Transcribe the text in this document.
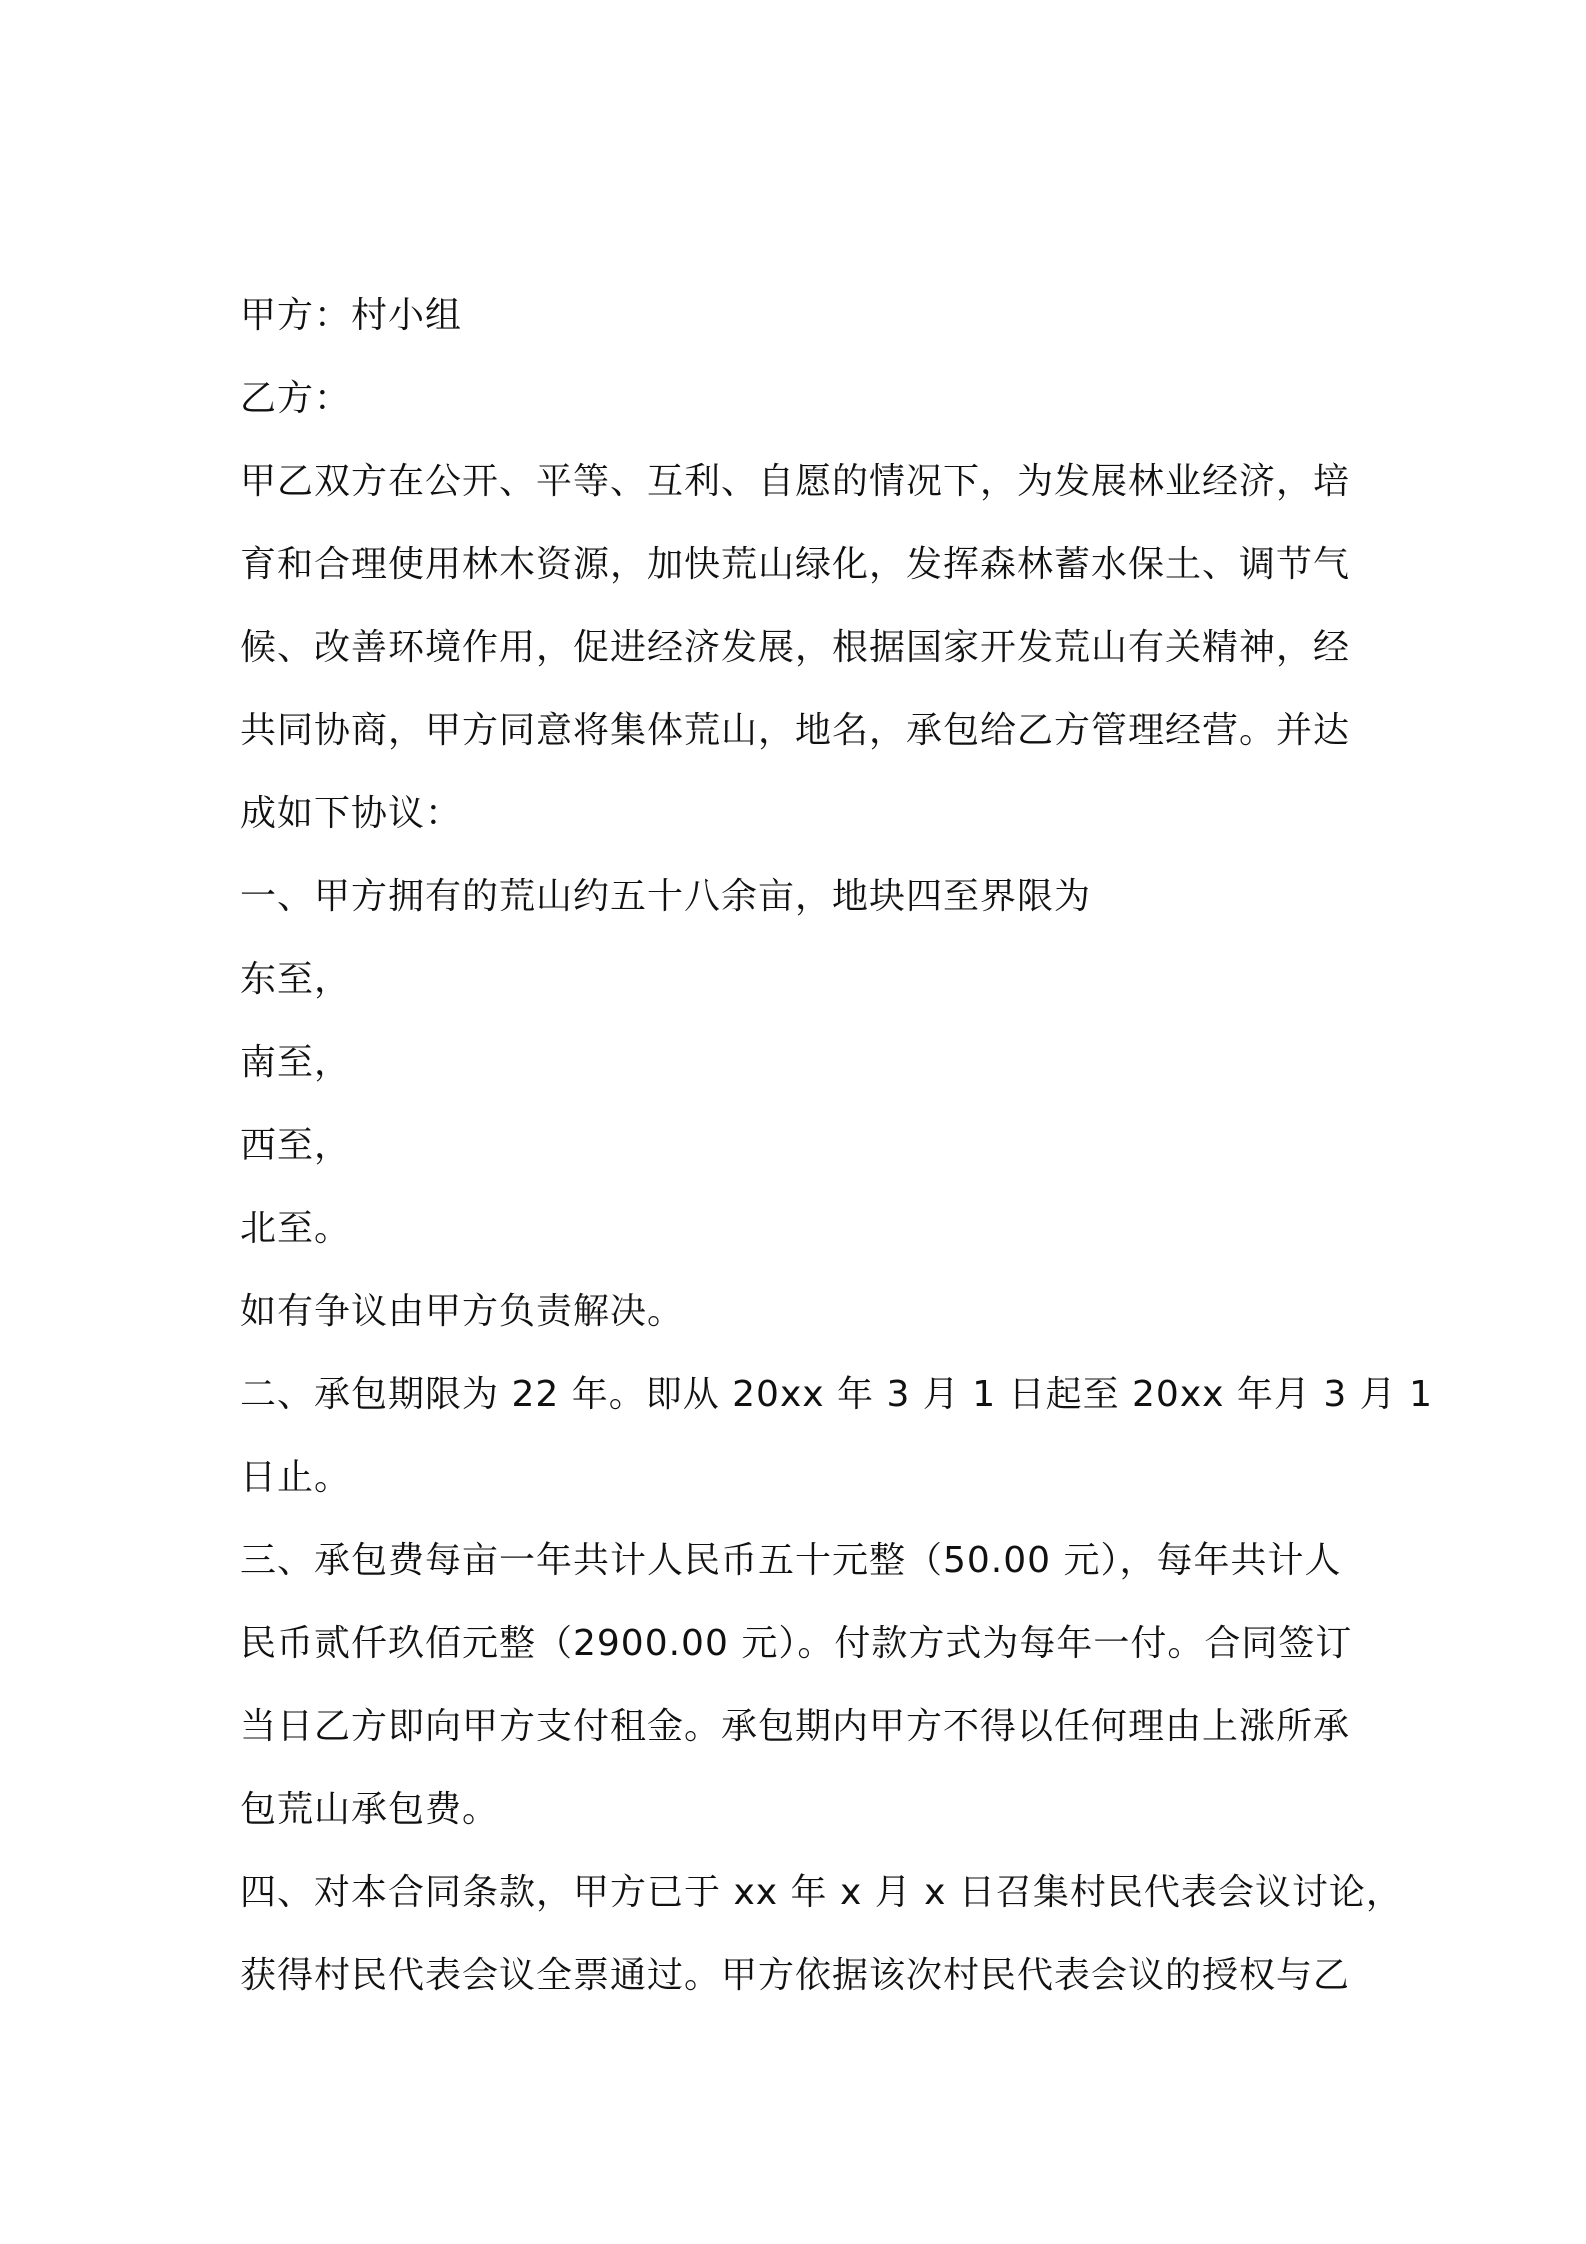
甲方：村小组

乙方：

甲乙双方在公开、平等、互利、自愿的情况下，为发展林业经济，培

育和合理使用林木资源，加快荒山绿化，发挥森林蓄水保土、调节气

候、改善环境作用，促进经济发展，根据国家开发荒山有关精神，经

共同协商，甲方同意将集体荒山，地名，承包给乙方管理经营。并达

成如下协议：

一、甲方拥有的荒山约五十八余亩，地块四至界限为

东至，

南至，

西至，

北至。

如有争议由甲方负责解决。

二、承包期限为 22 年。即从 20xx 年 3 月 1 日起至 20xx 年月 3 月 1

日止。

三、承包费每亩一年共计人民币五十元整（50.00 元），每年共计人

民币贰仟玖佰元整（2900.00 元）。付款方式为每年一付。合同签订

当日乙方即向甲方支付租金。承包期内甲方不得以任何理由上涨所承

包荒山承包费。

四、对本合同条款，甲方已于 xx 年 x 月 x 日召集村民代表会议讨论，

获得村民代表会议全票通过。甲方依据该次村民代表会议的授权与乙
